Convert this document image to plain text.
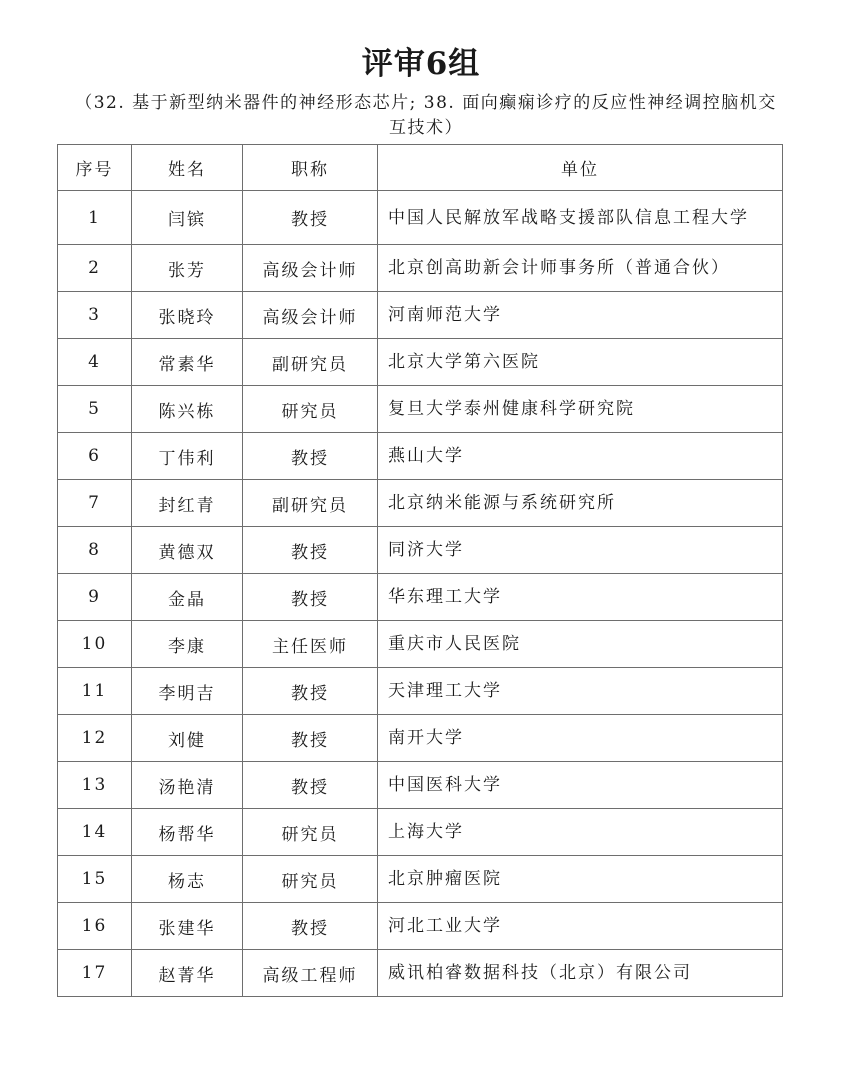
评审6组
（32. 基于新型纳米器件的神经形态芯片; 38. 面向癫痫诊疗的反应性神经调控脑机交互技术）
序号	姓名	职称	单位
1	闫镔	教授	中国人民解放军战略支援部队信息工程大学
2	张芳	高级会计师	北京创高助新会计师事务所（普通合伙）
3	张晓玲	高级会计师	河南师范大学
4	常素华	副研究员	北京大学第六医院
5	陈兴栋	研究员	复旦大学泰州健康科学研究院
6	丁伟利	教授	燕山大学
7	封红青	副研究员	北京纳米能源与系统研究所
8	黄德双	教授	同济大学
9	金晶	教授	华东理工大学
10	李康	主任医师	重庆市人民医院
11	李明吉	教授	天津理工大学
12	刘健	教授	南开大学
13	汤艳清	教授	中国医科大学
14	杨帮华	研究员	上海大学
15	杨志	研究员	北京肿瘤医院
16	张建华	教授	河北工业大学
17	赵菁华	高级工程师	威讯柏睿数据科技（北京）有限公司
